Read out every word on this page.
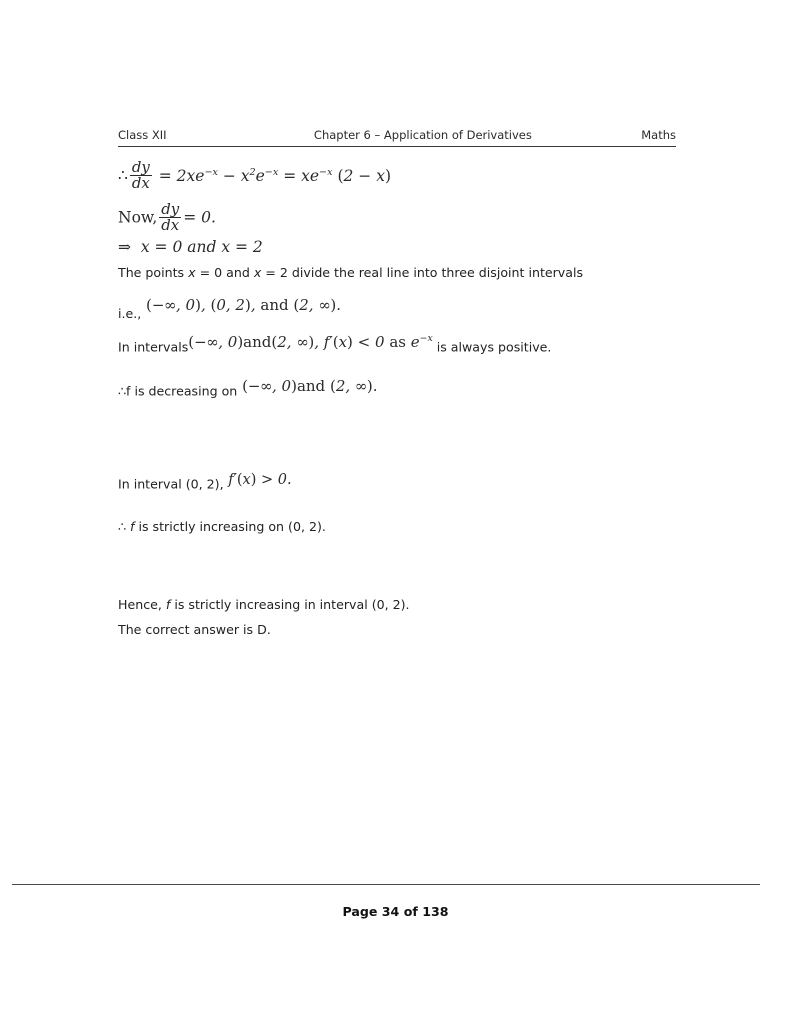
Class XII	Chapter 6 – Application of Derivatives	Maths
∴ $\frac{dy}{dx} = 2xe^{-x} - x^2e^{-x} = xe^{-x}$ (2 − x)
Now, $\frac{dy}{dx} = 0$.
⇒ x = 0 and x = 2
The points x = 0 and x = 2 divide the real line into three disjoint intervals
i.e., (−∞, 0), (0, 2), and (2, ∞).
In intervals(−∞, 0)and(2, ∞), f′(x) < 0 as $e^{-x}$ is always positive.
∴f is decreasing on (−∞, 0)and (2, ∞).
In interval (0, 2), f′(x) > 0.
∴ f is strictly increasing on (0, 2).
Hence, f is strictly increasing in interval (0, 2).
The correct answer is D.
Page 34 of 138
